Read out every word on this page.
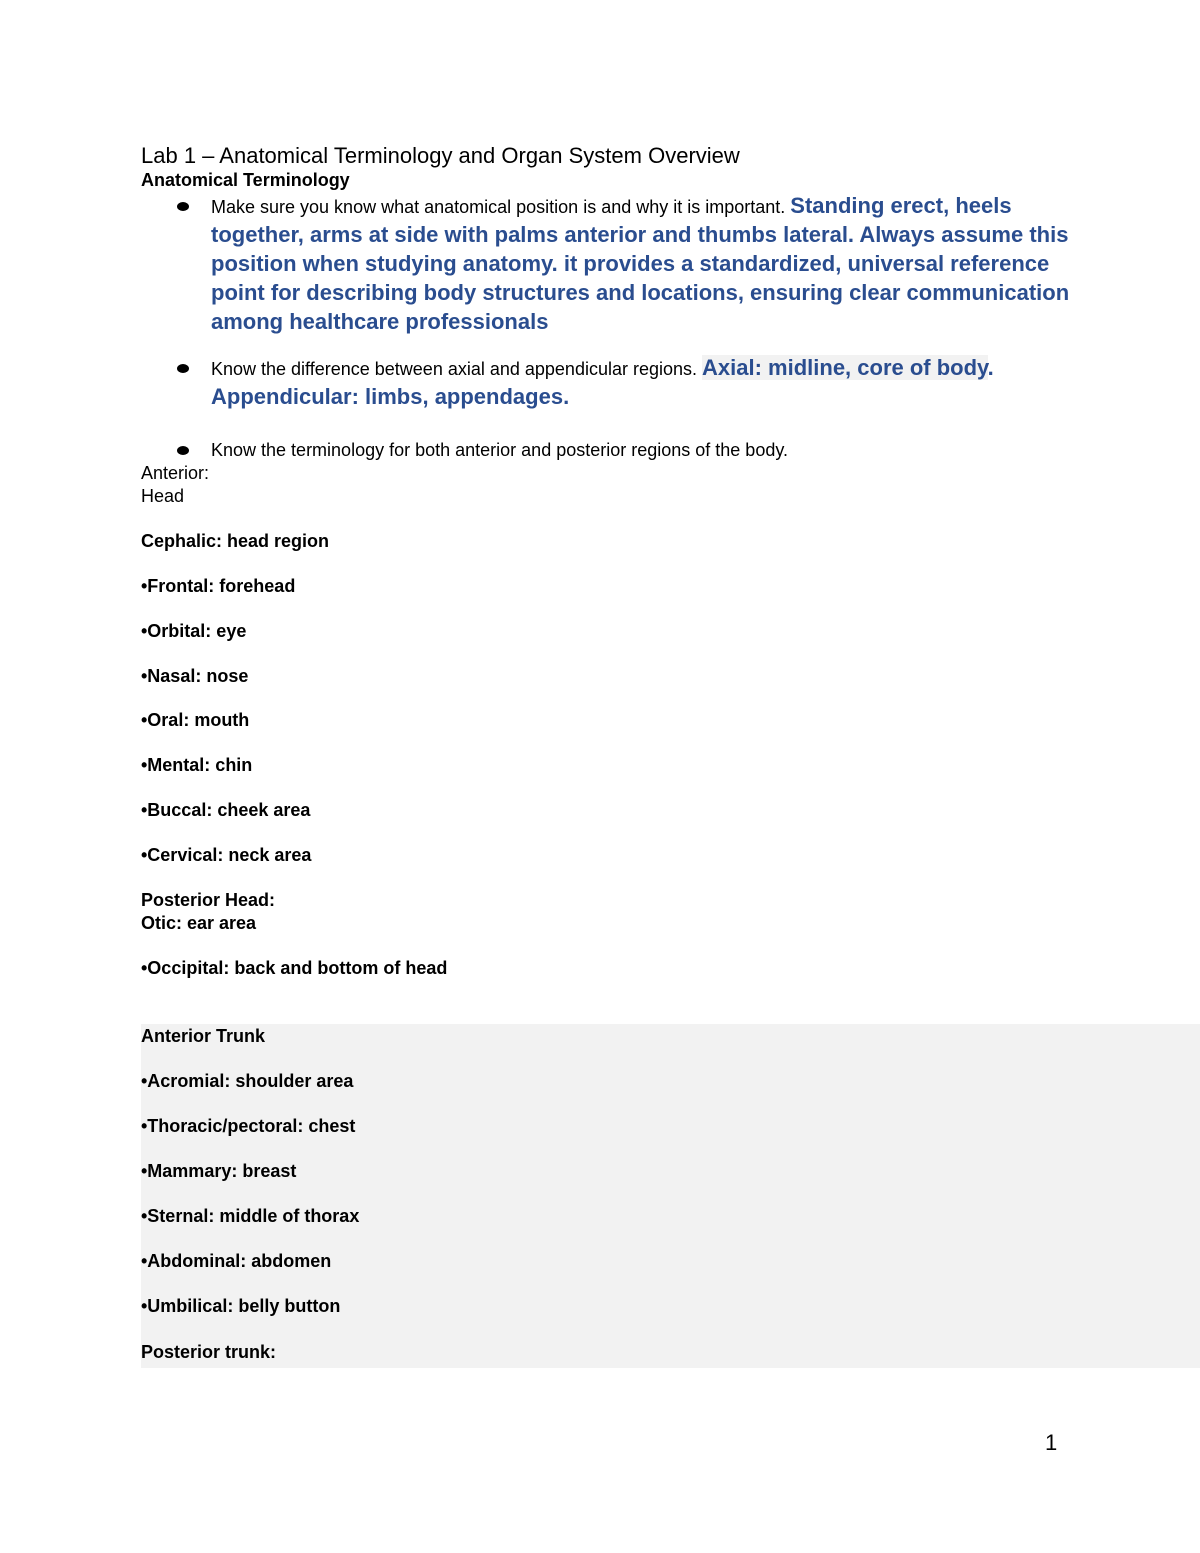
Lab 1 – Anatomical Terminology and Organ System Overview
Anatomical Terminology
Make sure you know what anatomical position is and why it is important. Standing erect, heels together, arms at side with palms anterior and thumbs lateral. Always assume this position when studying anatomy. it provides a standardized, universal reference point for describing body structures and locations, ensuring clear communication among healthcare professionals
Know the difference between axial and appendicular regions. Axial: midline, core of body. Appendicular: limbs, appendages.
Know the terminology for both anterior and posterior regions of the body.
Anterior:
Head
Cephalic: head region
•Frontal: forehead
•Orbital: eye
•Nasal: nose
•Oral: mouth
•Mental: chin
•Buccal: cheek area
•Cervical: neck area
Posterior Head:
Otic: ear area
•Occipital: back and bottom of head
Anterior Trunk
•Acromial: shoulder area
•Thoracic/pectoral: chest
•Mammary: breast
•Sternal: middle of thorax
•Abdominal: abdomen
•Umbilical: belly button
Posterior trunk:
1
